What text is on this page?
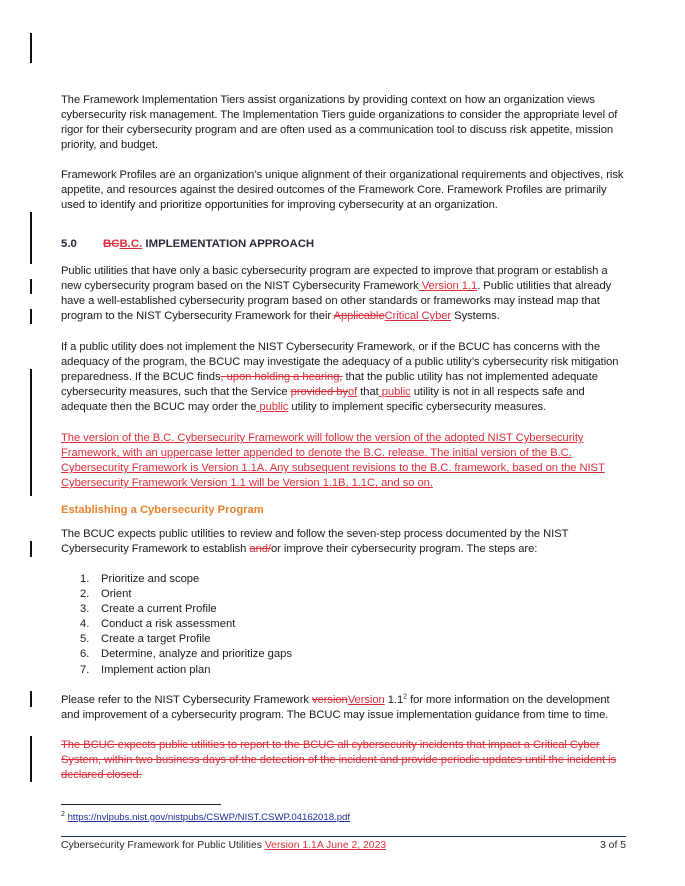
The Framework Implementation Tiers assist organizations by providing context on how an organization views cybersecurity risk management. The Implementation Tiers guide organizations to consider the appropriate level of rigor for their cybersecurity program and are often used as a communication tool to discuss risk appetite, mission priority, and budget.

Framework Profiles are an organization’s unique alignment of their organizational requirements and objectives, risk appetite, and resources against the desired outcomes of the Framework Core. Framework Profiles are primarily used to identify and prioritize opportunities for improving cybersecurity at an organization.

5.0 BCB.C. IMPLEMENTATION APPROACH

Public utilities that have only a basic cybersecurity program are expected to improve that program or establish a new cybersecurity program based on the NIST Cybersecurity Framework Version 1.1. Public utilities that already have a well-established cybersecurity program based on other standards or frameworks may instead map that program to the NIST Cybersecurity Framework for their ApplicableCritical Cyber Systems.

If a public utility does not implement the NIST Cybersecurity Framework, or if the BCUC has concerns with the adequacy of the program, the BCUC may investigate the adequacy of a public utility’s cybersecurity risk mitigation preparedness. If the BCUC finds, upon holding a hearing, that the public utility has not implemented adequate cybersecurity measures, such that the Service provided byof that public utility is not in all respects safe and adequate then the BCUC may order the public utility to implement specific cybersecurity measures.

The version of the B.C. Cybersecurity Framework will follow the version of the adopted NIST Cybersecurity Framework, with an uppercase letter appended to denote the B.C. release. The initial version of the B.C. Cybersecurity Framework is Version 1.1A. Any subsequent revisions to the B.C. framework, based on the NIST Cybersecurity Framework Version 1.1 will be Version 1.1B, 1.1C, and so on.

Establishing a Cybersecurity Program

The BCUC expects public utilities to review and follow the seven-step process documented by the NIST Cybersecurity Framework to establish and/or improve their cybersecurity program. The steps are:

1.	Prioritize and scope
2.	Orient
3.	Create a current Profile
4.	Conduct a risk assessment
5.	Create a target Profile
6.	Determine, analyze and prioritize gaps
7.	Implement action plan

Please refer to the NIST Cybersecurity Framework versionVersion $1.1^2$ for more information on the development and improvement of a cybersecurity program. The BCUC may issue implementation guidance from time to time.

The BCUC expects public utilities to report to the BCUC all cybersecurity incidents that impact a Critical Cyber System, within two business days of the detection of the incident and provide periodic updates until the incident is declared closed.

$^2$ https://nvlpubs.nist.gov/nistpubs/CSWP/NIST.CSWP.04162018.pdf
Cybersecurity Framework for Public Utilities Version 1.1A June 2, 2023	3 of 5
